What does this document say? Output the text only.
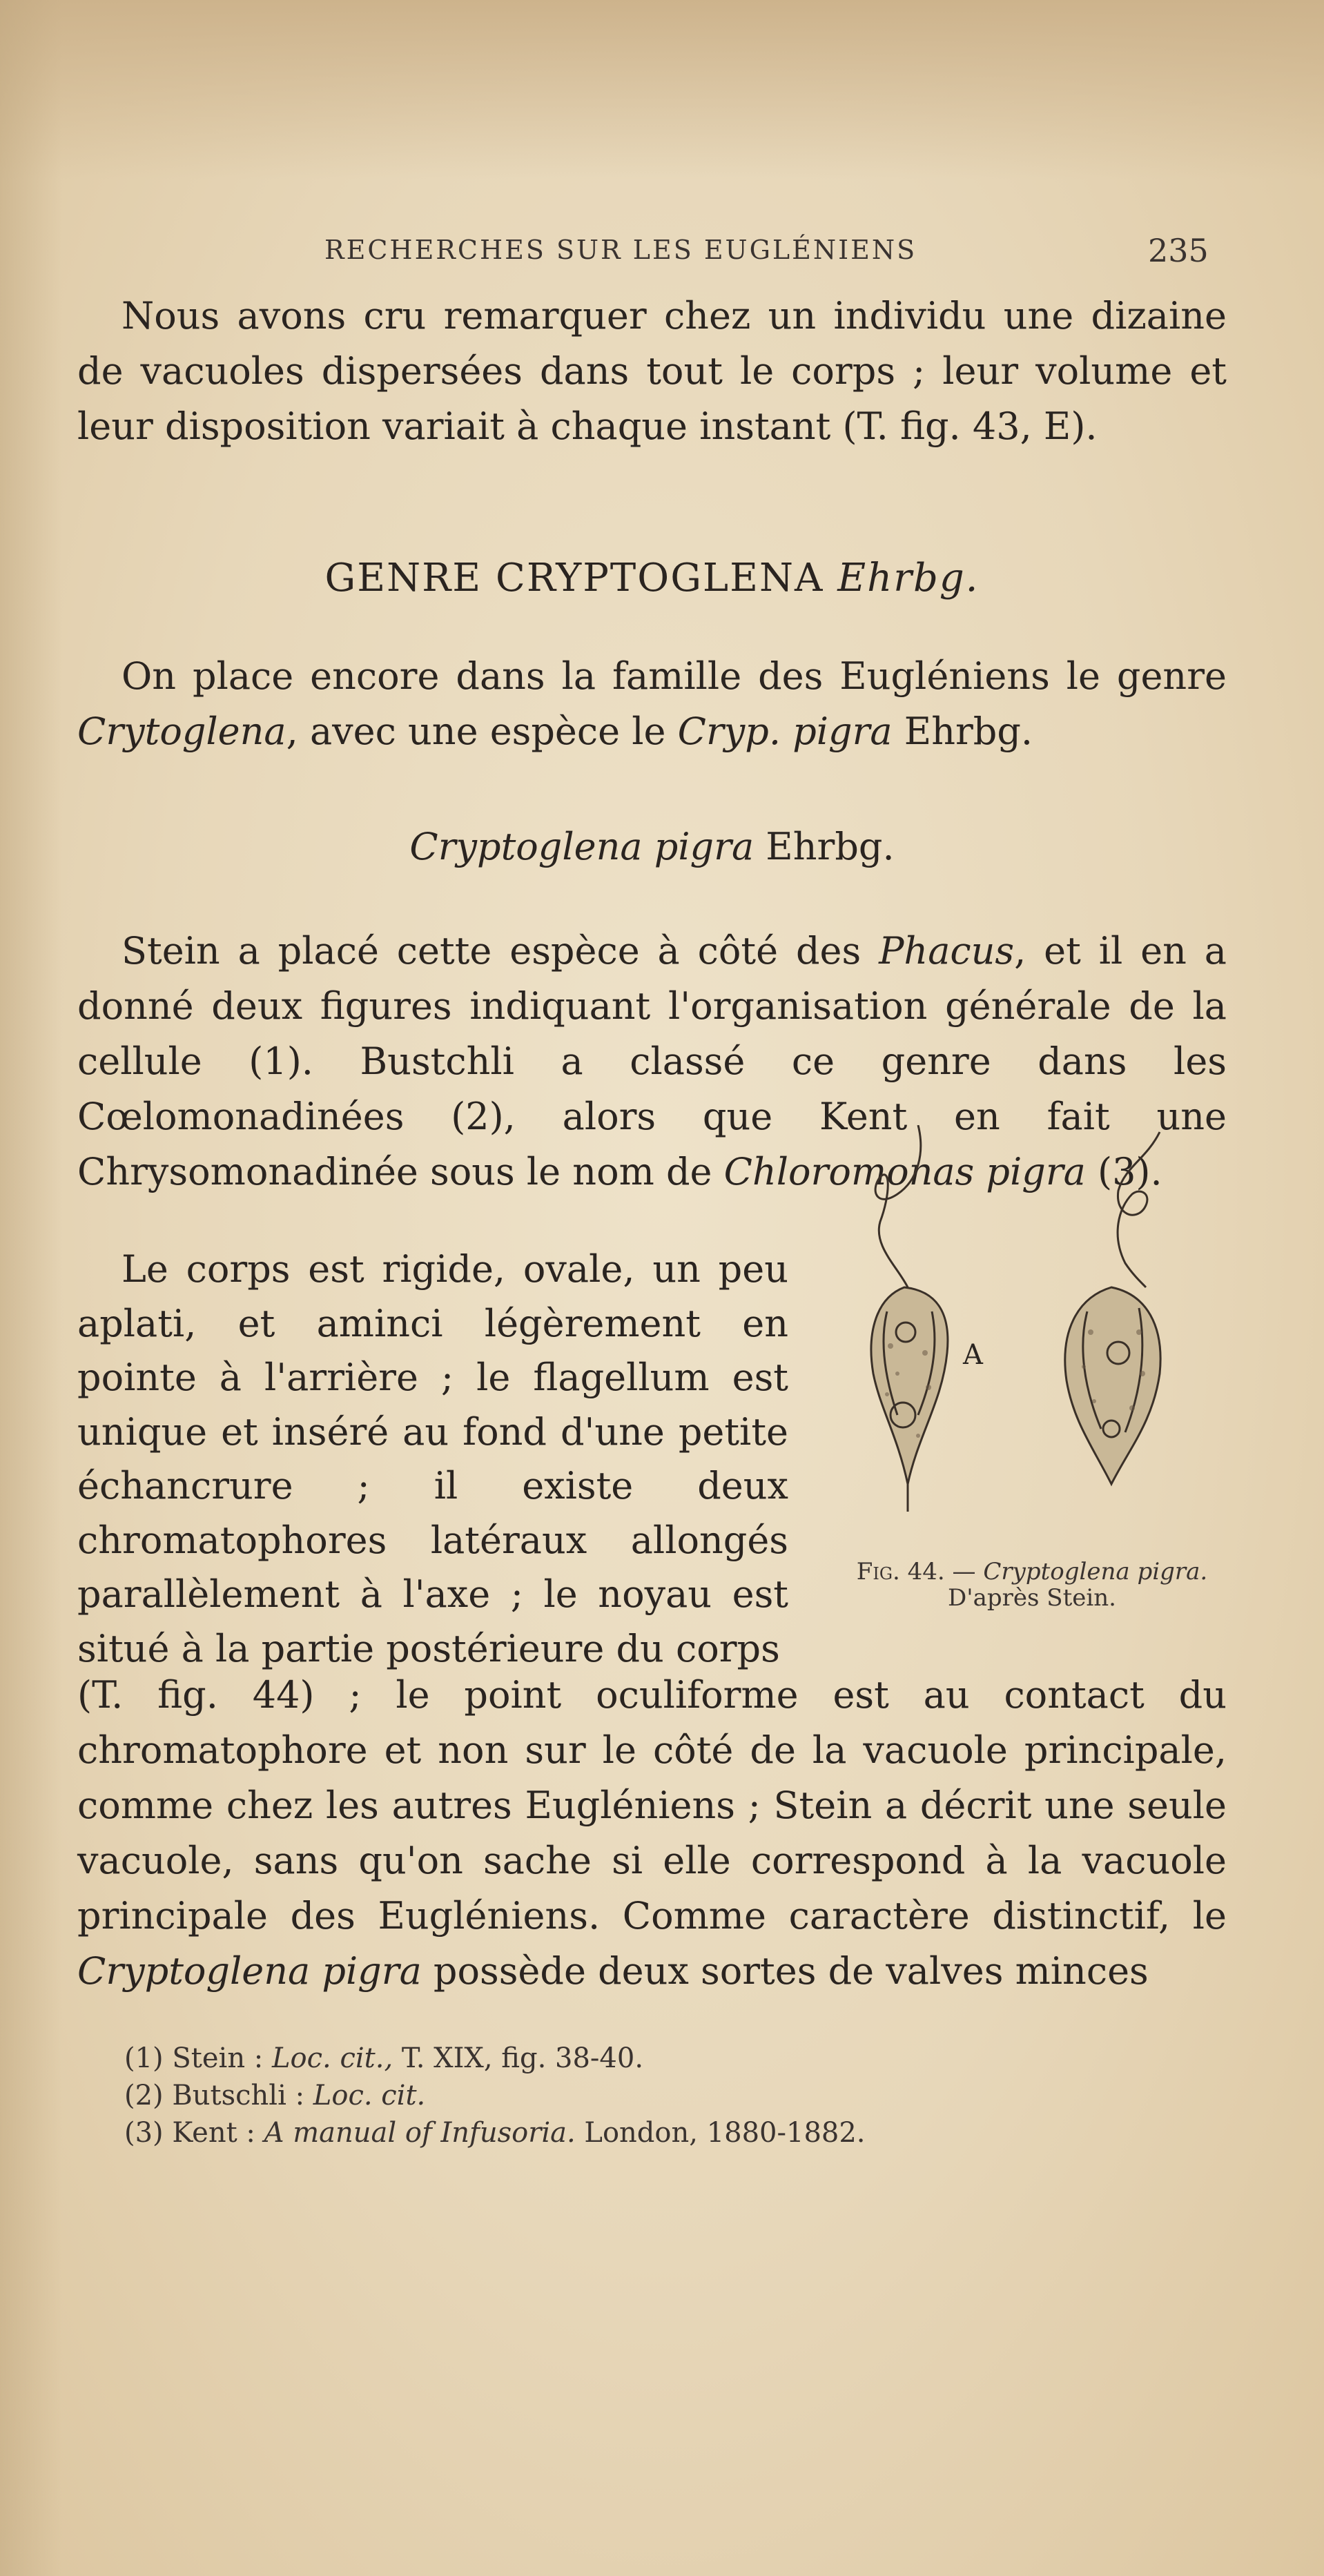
RECHERCHES SUR LES EUGLÉNIENS	235

Nous avons cru remarquer chez un individu une dizaine de vacuoles dispersées dans tout le corps ; leur volume et leur disposition variait à chaque instant (T. fig. 43, E).

GENRE CRYPTOGLENA Ehrbg.

On place encore dans la famille des Eugléniens le genre Crytoglena, avec une espèce le Cryp. pigra Ehrbg.

Cryptoglena pigra Ehrbg.

Stein a placé cette espèce à côté des Phacus, et il en a donné deux figures indiquant l'organisation générale de la cellule (1). Bustchli a classé ce genre dans les Cœlomonadinées (2), alors que Kent en fait une Chrysomonadinée sous le nom de Chloromonas pigra (3).

Le corps est rigide, ovale, un peu aplati, et aminci légèrement en pointe à l'arrière ; le flagellum est unique et inséré au fond d'une petite échancrure ; il existe deux chromatophores latéraux allongés parallèlement à l'axe ; le noyau est situé à la partie postérieure du corps

(T. fig. 44) ; le point oculiforme est au contact du chromatophore et non sur le côté de la vacuole principale, comme chez les autres Eugléniens ; Stein a décrit une seule vacuole, sans qu'on sache si elle correspond à la vacuole principale des Eugléniens. Comme caractère distinctif, le Cryptoglena pigra possède deux sortes de valves minces

A
Fig. 44. — Cryptoglena pigra. D'après Stein.
(1) Stein : Loc. cit., T. XIX, fig. 38-40.
(2) Butschli : Loc. cit.
(3) Kent : A manual of Infusoria. London, 1880-1882.
